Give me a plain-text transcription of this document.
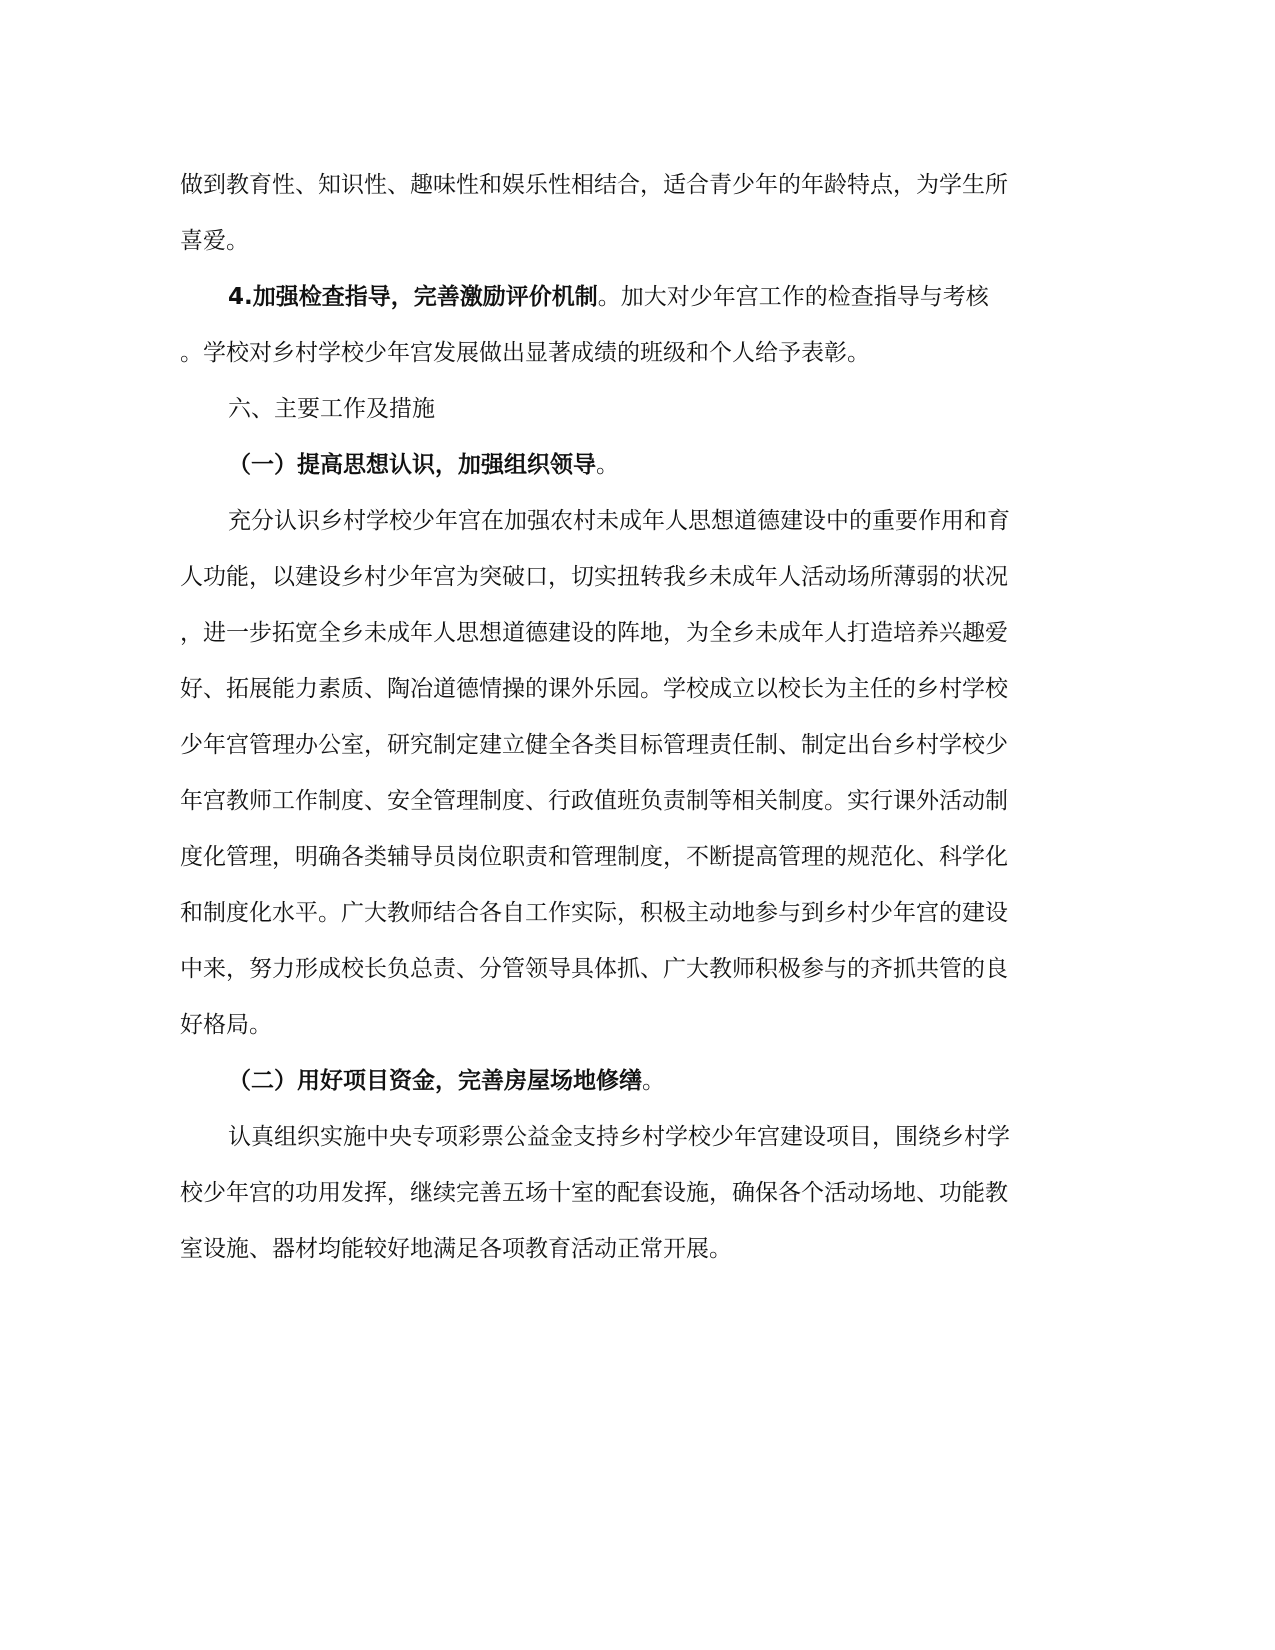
做到教育性、知识性、趣味性和娱乐性相结合，适合青少年的年龄特点，为学生所
喜爱。
4.加强检查指导，完善激励评价机制。加大对少年宫工作的检查指导与考核
。学校对乡村学校少年宫发展做出显著成绩的班级和个人给予表彰。
六、主要工作及措施
（一）提高思想认识，加强组织领导。
充分认识乡村学校少年宫在加强农村未成年人思想道德建设中的重要作用和育
人功能，以建设乡村少年宫为突破口，切实扭转我乡未成年人活动场所薄弱的状况
，进一步拓宽全乡未成年人思想道德建设的阵地，为全乡未成年人打造培养兴趣爱
好、拓展能力素质、陶冶道德情操的课外乐园。学校成立以校长为主任的乡村学校
少年宫管理办公室，研究制定建立健全各类目标管理责任制、制定出台乡村学校少
年宫教师工作制度、安全管理制度、行政值班负责制等相关制度。实行课外活动制
度化管理，明确各类辅导员岗位职责和管理制度，不断提高管理的规范化、科学化
和制度化水平。广大教师结合各自工作实际，积极主动地参与到乡村少年宫的建设
中来，努力形成校长负总责、分管领导具体抓、广大教师积极参与的齐抓共管的良
好格局。
（二）用好项目资金，完善房屋场地修缮。
认真组织实施中央专项彩票公益金支持乡村学校少年宫建设项目，围绕乡村学
校少年宫的功用发挥，继续完善五场十室的配套设施，确保各个活动场地、功能教
室设施、器材均能较好地满足各项教育活动正常开展。
